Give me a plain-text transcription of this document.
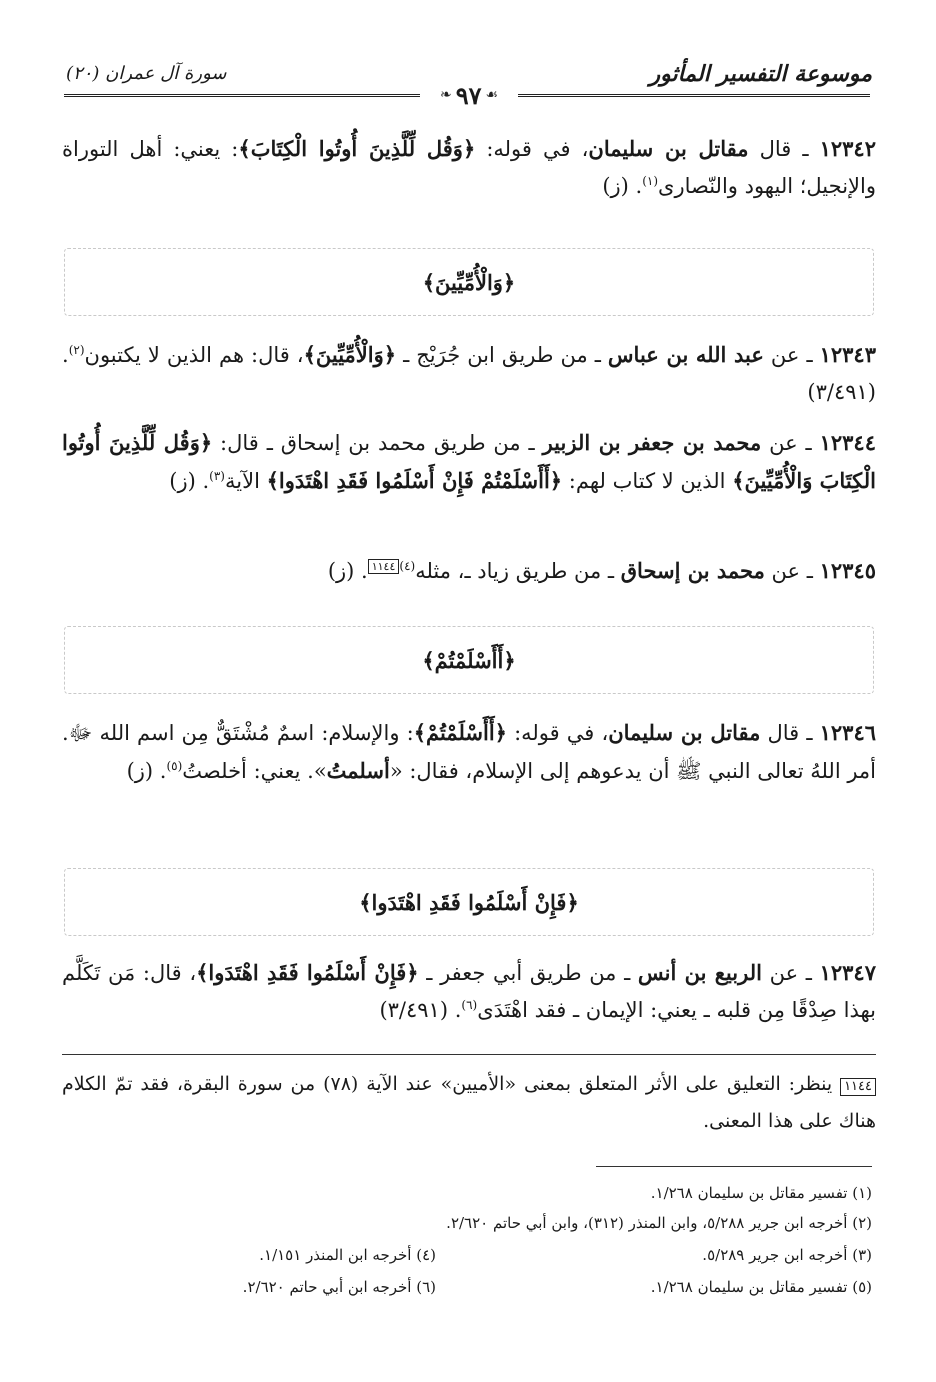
موسوعة التفسير المأثور
سورة آل عمران (٢٠)
❧ ٩٧ ☙
١٢٣٤٢ ـ قال مقاتل بن سليمان، في قوله: ﴿وَقُل لِّلَّذِينَ أُوتُوا الْكِتَابَ﴾: يعني: أهل التوراة والإنجيل؛ اليهود والنّصارى$^{(١)}$. (ز)
﴿وَالْأُمِّيِّينَ﴾
١٢٣٤٣ ـ عن عبد الله بن عباس ـ من طريق ابن جُرَيْج ـ ﴿وَالْأُمِّيِّينَ﴾، قال: هم الذين لا يكتبون$^{(٢)}$. (٣/٤٩١)
١٢٣٤٤ ـ عن محمد بن جعفر بن الزبير ـ من طريق محمد بن إسحاق ـ قال: ﴿وَقُل لِّلَّذِينَ أُوتُوا الْكِتَابَ وَالْأُمِّيِّينَ﴾ الذين لا كتاب لهم: ﴿أَأَسْلَمْتُمْ فَإِنْ أَسْلَمُوا فَقَدِ اهْتَدَوا﴾ الآية$^{(٣)}$. (ز)
١٢٣٤٥ ـ عن محمد بن إسحاق ـ من طريق زياد ـ، مثله$^{(٤)}$١١٤٤. (ز)
﴿أَأَسْلَمْتُمْ﴾
١٢٣٤٦ ـ قال مقاتل بن سليمان، في قوله: ﴿أَأَسْلَمْتُمْ﴾: والإسلام: اسمٌ مُشْتَقٌّ مِن اسم الله ﷻ. أمر اللهُ تعالى النبي ﷺ أن يدعوهم إلى الإسلام، فقال: «أسلمتُ». يعني: أخلصتُ$^{(٥)}$. (ز)
﴿فَإِنْ أَسْلَمُوا فَقَدِ اهْتَدَوا﴾
١٢٣٤٧ ـ عن الربيع بن أنس ـ من طريق أبي جعفر ـ ﴿فَإِنْ أَسْلَمُوا فَقَدِ اهْتَدَوا﴾، قال: مَن تَكَلَّم بهذا صِدْقًا مِن قلبه ـ يعني: الإيمان ـ فقد اهْتَدَى$^{(٦)}$. (٣/٤٩١)
١١٤٤ ينظر: التعليق على الأثر المتعلق بمعنى «الأميين» عند الآية (٧٨) من سورة البقرة، فقد تمّ الكلام هناك على هذا المعنى.
(١) تفسير مقاتل بن سليمان ١/٢٦٨.
(٢) أخرجه ابن جرير ٥/٢٨٨، وابن المنذر (٣١٢)، وابن أبي حاتم ٢/٦٢٠.
(٣) أخرجه ابن جرير ٥/٢٨٩.
(٤) أخرجه ابن المنذر ١/١٥١.
(٥) تفسير مقاتل بن سليمان ١/٢٦٨.
(٦) أخرجه ابن أبي حاتم ٢/٦٢٠.
